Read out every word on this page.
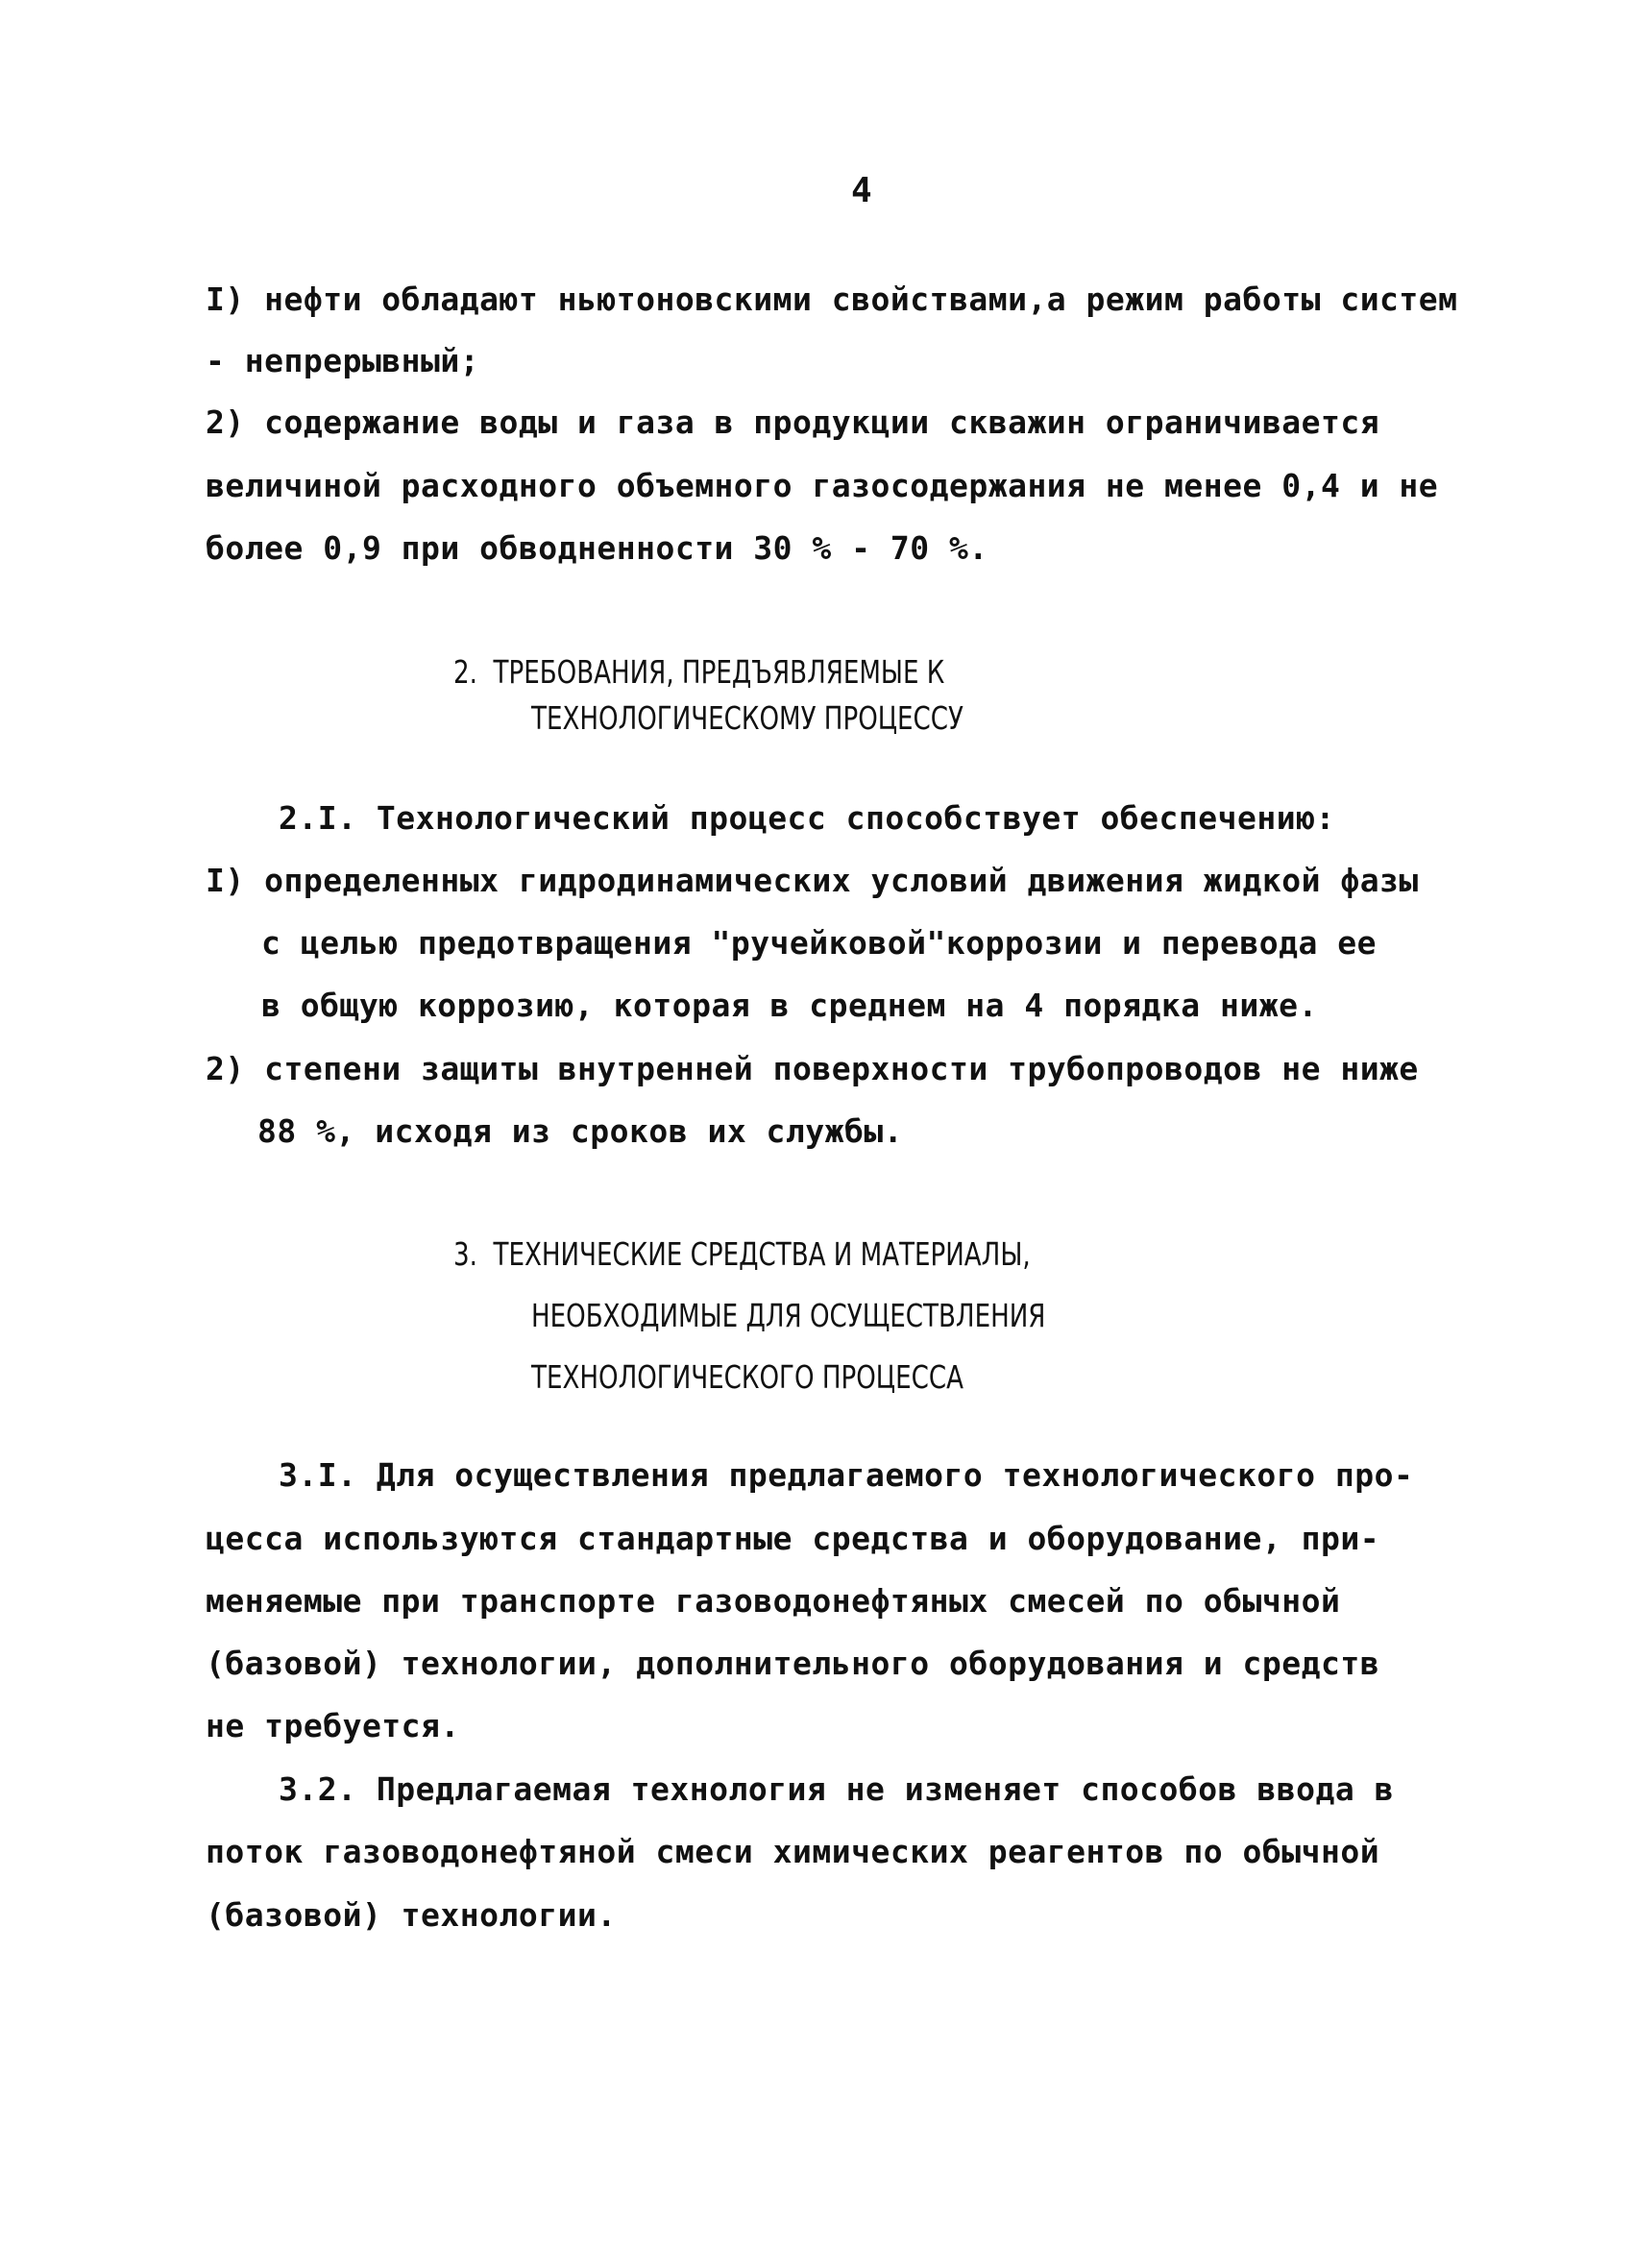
4
I) нефти обладают ньютоновскими свойствами,а режим работы систем
- непрерывный;
2) содержание воды и газа в продукции скважин ограничивается
величиной расходного объемного газосодержания не менее 0,4 и не
более 0,9 при обводненности 30 % - 70 %.
2.  ТРЕБОВАНИЯ, ПРЕДЪЯВЛЯЕМЫЕ К
ТЕХНОЛОГИЧЕСКОМУ ПРОЦЕССУ
2.I. Технологический процесс способствует обеспечению:
I) определенных гидродинамических условий движения жидкой фазы
с целью предотвращения "ручейковой"коррозии и перевода ее
в общую коррозию, которая в среднем на 4 порядка ниже.
2) степени защиты внутренней поверхности трубопроводов не ниже
88 %, исходя из сроков их службы.
3.  ТЕХНИЧЕСКИЕ СРЕДСТВА И МАТЕРИАЛЫ,
НЕОБХОДИМЫЕ ДЛЯ ОСУЩЕСТВЛЕНИЯ
ТЕХНОЛОГИЧЕСКОГО ПРОЦЕССА
3.I. Для осуществления предлагаемого технологического про-
цесса используются стандартные средства и оборудование, при-
меняемые при транспорте газоводонефтяных смесей по обычной
(базовой) технологии, дополнительного оборудования и средств
не требуется.
3.2. Предлагаемая технология не изменяет способов ввода в
поток газоводонефтяной смеси химических реагентов по обычной
(базовой) технологии.
